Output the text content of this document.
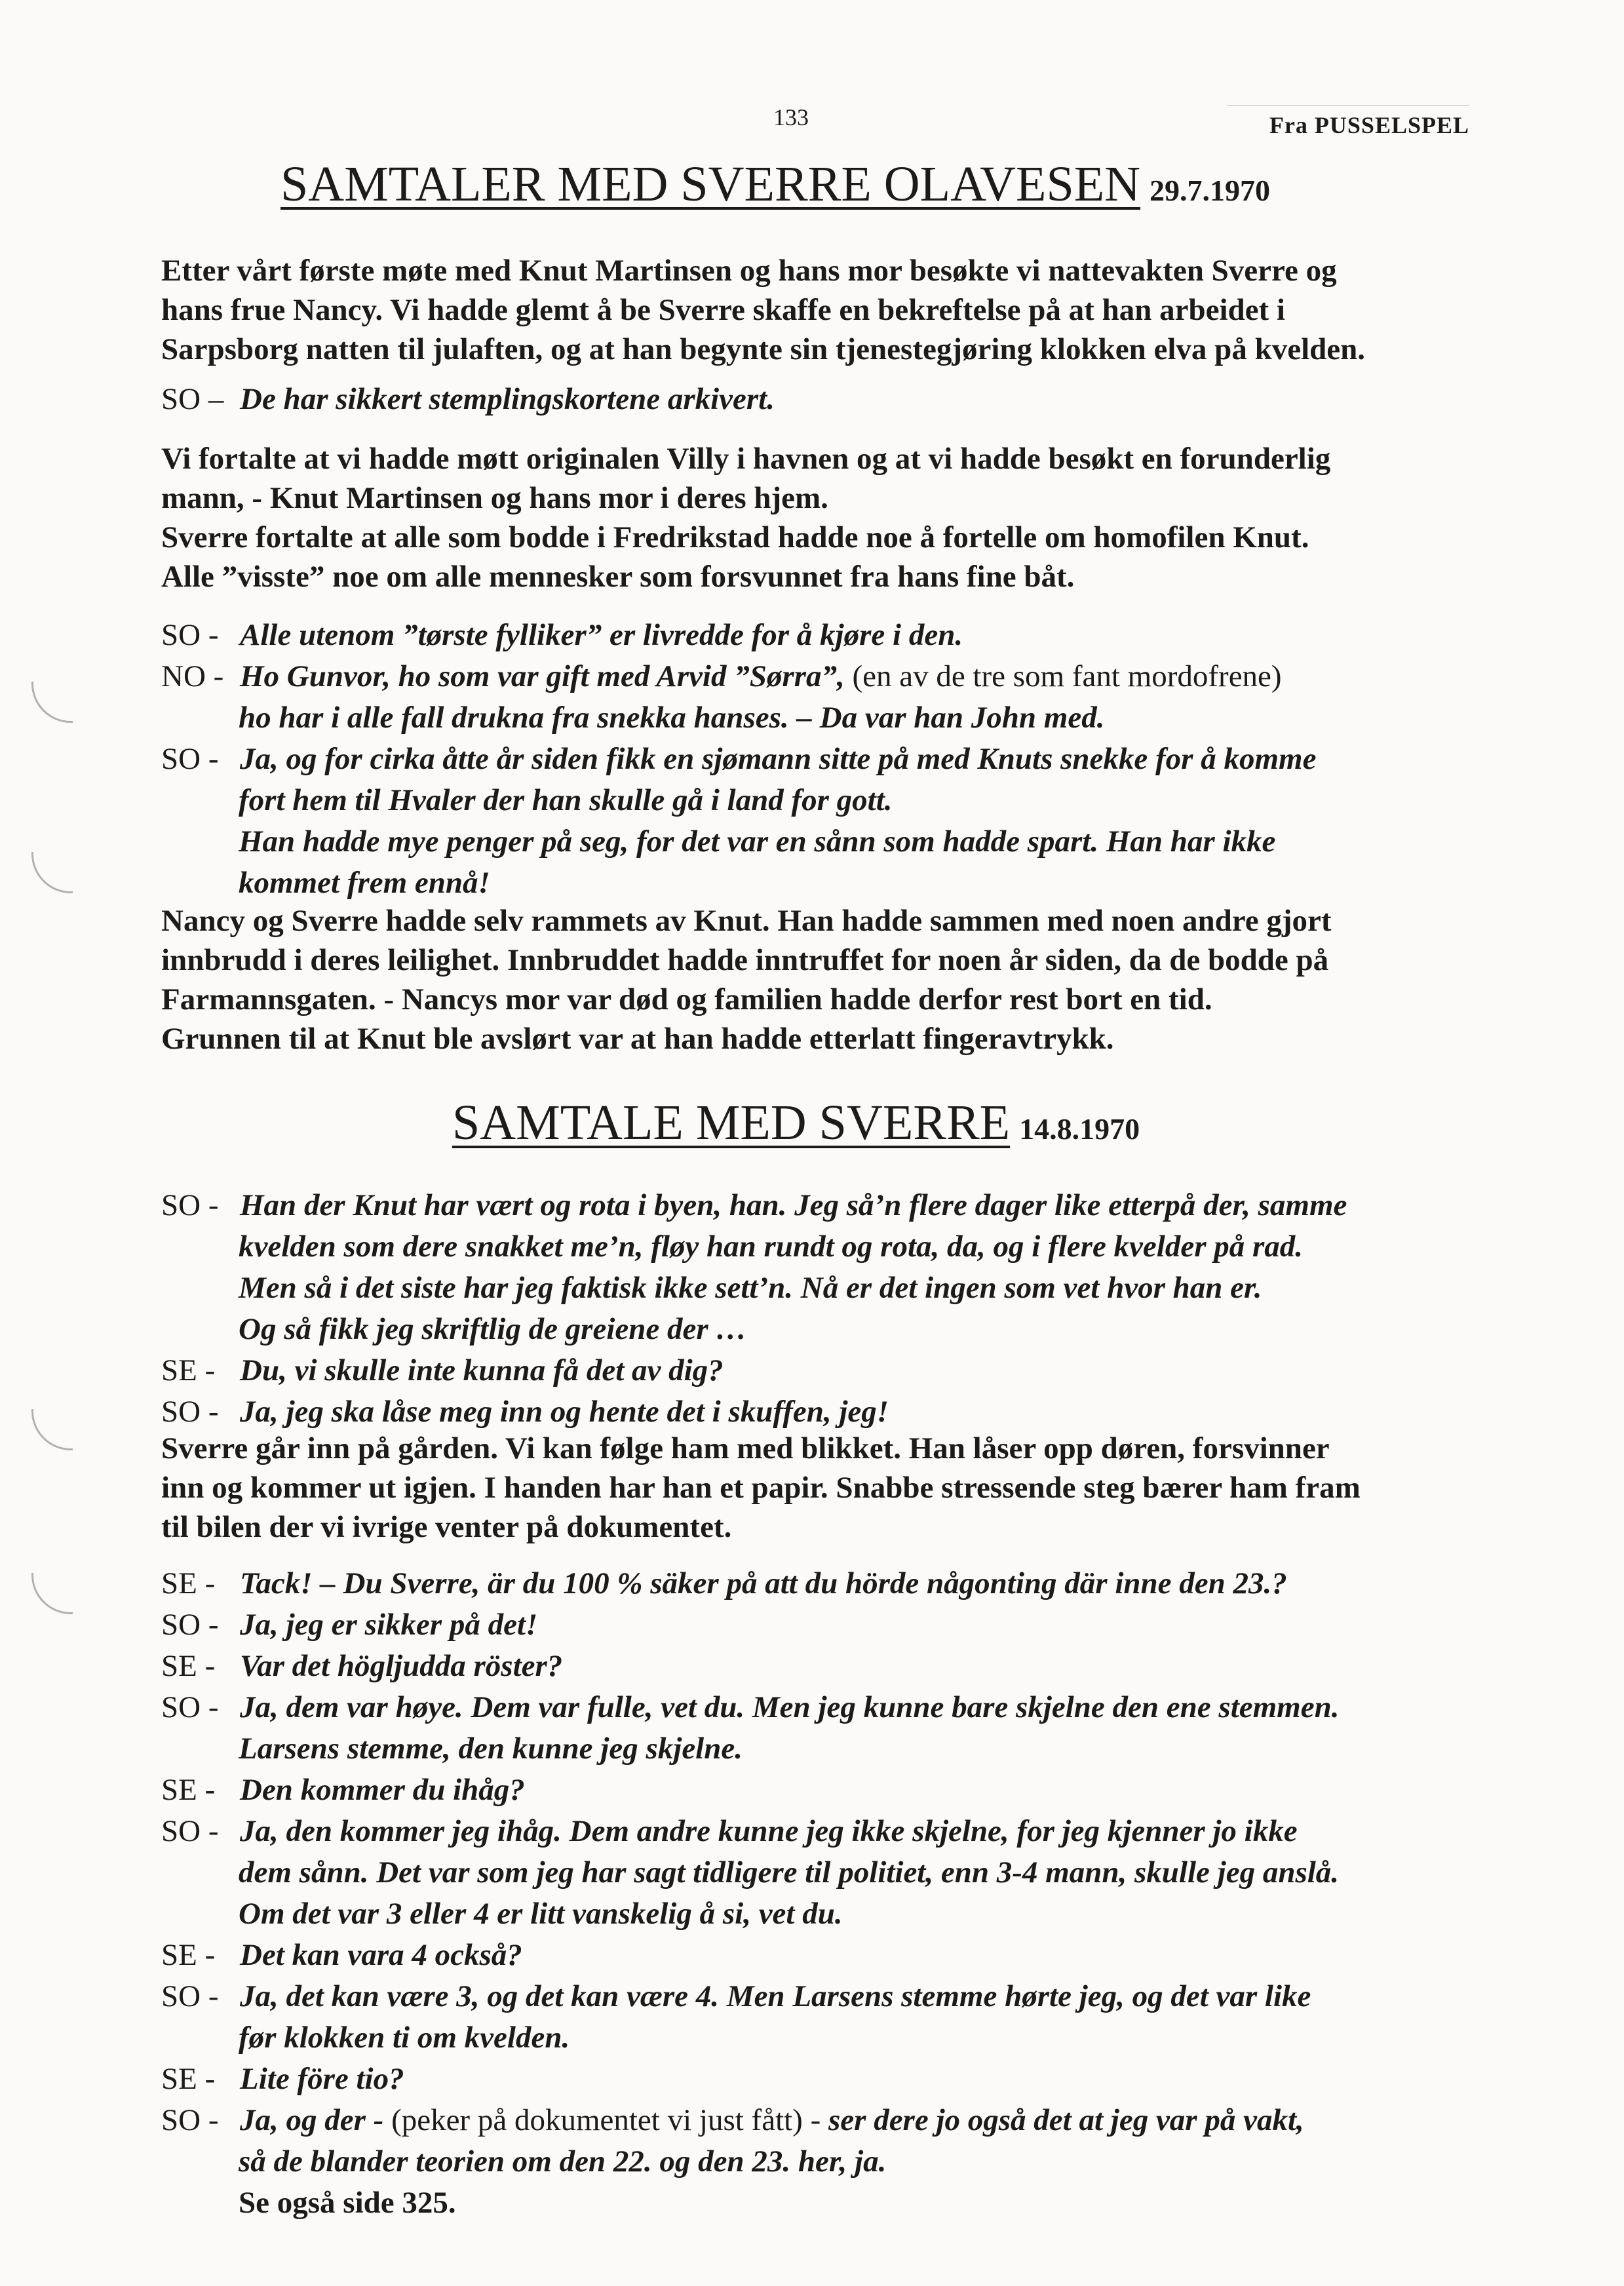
133	Fra PUSSELSPEL
SAMTALER MED SVERRE OLAVESEN 29.7.1970
Etter vårt første møte med Knut Martinsen og hans mor besøkte vi nattevakten Sverre og
hans frue Nancy. Vi hadde glemt å be Sverre skaffe en bekreftelse på at han arbeidet i
Sarpsborg natten til julaften, og at han begynte sin tjenestegjøring klokken elva på kvelden.
SO – De har sikkert stemplingskortene arkivert.
Vi fortalte at vi hadde møtt originalen Villy i havnen og at vi hadde besøkt en forunderlig
mann, - Knut Martinsen og hans mor i deres hjem.
Sverre fortalte at alle som bodde i Fredrikstad hadde noe å fortelle om homofilen Knut.
Alle ”visste” noe om alle mennesker som forsvunnet fra hans fine båt.
SO - Alle utenom ”tørste fylliker” er livredde for å kjøre i den.
NO - Ho Gunvor, ho som var gift med Arvid ”Sørra”, (en av de tre som fant mordofrene)
ho har i alle fall drukna fra snekka hanses. – Da var han John med.
SO - Ja, og for cirka åtte år siden fikk en sjømann sitte på med Knuts snekke for å komme
fort hem til Hvaler der han skulle gå i land for gott.
Han hadde mye penger på seg, for det var en sånn som hadde spart. Han har ikke
kommet frem ennå!
Nancy og Sverre hadde selv rammets av Knut. Han hadde sammen med noen andre gjort
innbrudd i deres leilighet. Innbruddet hadde inntruffet for noen år siden, da de bodde på
Farmannsgaten. - Nancys mor var død og familien hadde derfor rest bort en tid.
Grunnen til at Knut ble avslørt var at han hadde etterlatt fingeravtrykk.
SAMTALE MED SVERRE 14.8.1970
SO - Han der Knut har vært og rota i byen, han. Jeg så’n flere dager like etterpå der, samme
kvelden som dere snakket me’n, fløy han rundt og rota, da, og i flere kvelder på rad.
Men så i det siste har jeg faktisk ikke sett’n. Nå er det ingen som vet hvor han er.
Og så fikk jeg skriftlig de greiene der …
SE - Du, vi skulle inte kunna få det av dig?
SO - Ja, jeg ska låse meg inn og hente det i skuffen, jeg!
Sverre går inn på gården. Vi kan følge ham med blikket. Han låser opp døren, forsvinner
inn og kommer ut igjen. I handen har han et papir. Snabbe stressende steg bærer ham fram
til bilen der vi ivrige venter på dokumentet.
SE - Tack! – Du Sverre, är du 100 % säker på att du hörde någonting där inne den 23.?
SO - Ja, jeg er sikker på det!
SE - Var det högljudda röster?
SO - Ja, dem var høye. Dem var fulle, vet du. Men jeg kunne bare skjelne den ene stemmen.
Larsens stemme, den kunne jeg skjelne.
SE - Den kommer du ihåg?
SO - Ja, den kommer jeg ihåg. Dem andre kunne jeg ikke skjelne, for jeg kjenner jo ikke
dem sånn. Det var som jeg har sagt tidligere til politiet, enn 3-4 mann, skulle jeg anslå.
Om det var 3 eller 4 er litt vanskelig å si, vet du.
SE - Det kan vara 4 också?
SO - Ja, det kan være 3, og det kan være 4. Men Larsens stemme hørte jeg, og det var like
før klokken ti om kvelden.
SE - Lite före tio?
SO - Ja, og der - (peker på dokumentet vi just fått) - ser dere jo også det at jeg var på vakt,
så de blander teorien om den 22. og den 23. her, ja.
Se også side 325.
